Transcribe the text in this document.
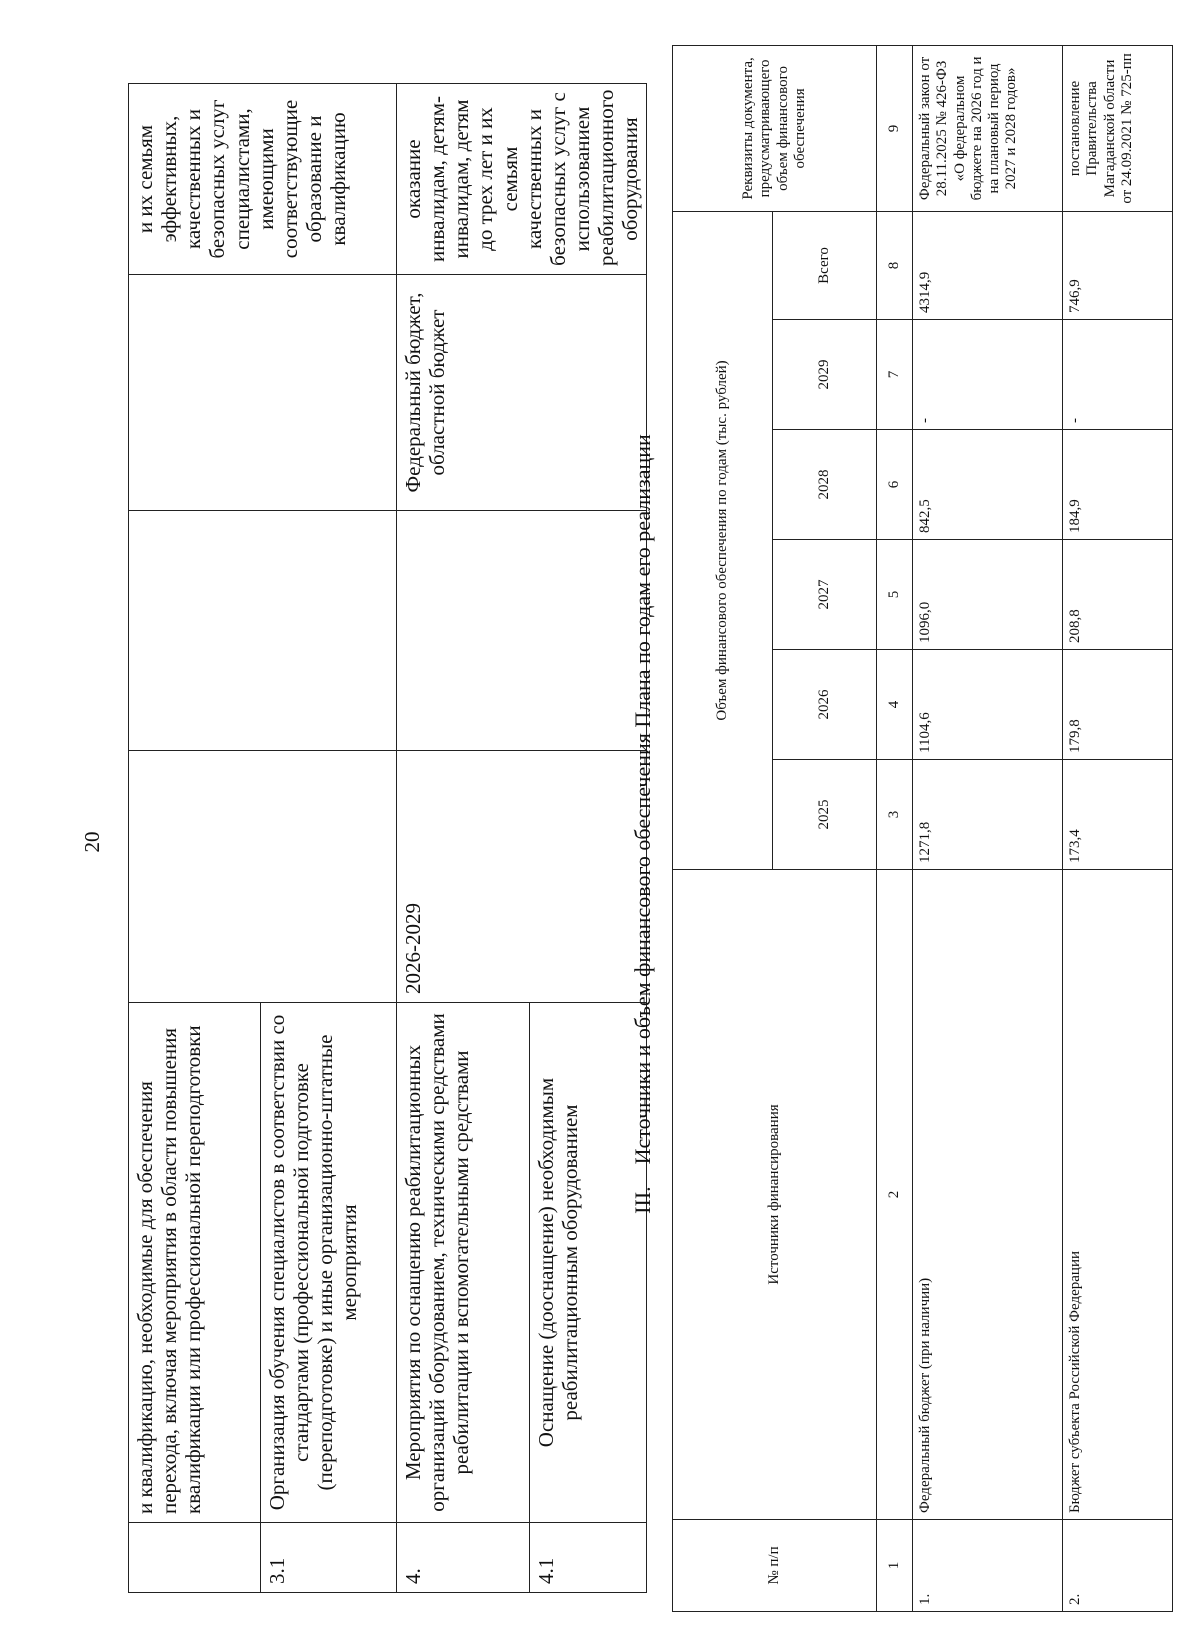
20
	и квалификацию, необходимые для обеспечения перехода, включая мероприятия в области повышения квалификации или профессиональной переподготовки				и их семьям эффективных, качественных и безопасных услуг специалистами, имеющими соответствующие образование и квалификацию
3.1	Организация обучения специалистов в соответствии со стандартами (профессиональной подготовке (переподготовке) и иные организационно-штатные мероприятия				
4.	Мероприятия по оснащению реабилитационных организаций оборудованием, техническими средствами реабилитации и вспомогательными средствами	2026-2029		Федеральный бюджет, областной бюджет	оказание инвалидам, детям-инвалидам, детям до трех лет и их семьям качественных и безопасных услуг с использованием реабилитационного оборудования
4.1	Оснащение (дооснащение) необходимым реабилитационным оборудованием				III.Источники и объем финансового обеспечения Плана по годам его реализации
№ п/п	Источники финансирования	Объем финансового обеспечения по годам (тыс. рублей)						Реквизиты документа, предусматривающего объем финансового обеспечения
		2025	2026	2027	2028	2029	Всего	
1	2	3	4	5	6	7	8	9
1.	Федеральный бюджет (при наличии)	1271,8	1104,6	1096,0	842,5	-	4314,9	Федеральный закон от 28.11.2025 № 426-ФЗ «О федеральном бюджете на 2026 год и на плановый период 2027 и 2028 годов»
2.	Бюджет субъекта Российской Федерации	173,4	179,8	208,8	184,9	-	746,9	постановление Правительства Магаданской области от 24.09.2021 № 725-пп
